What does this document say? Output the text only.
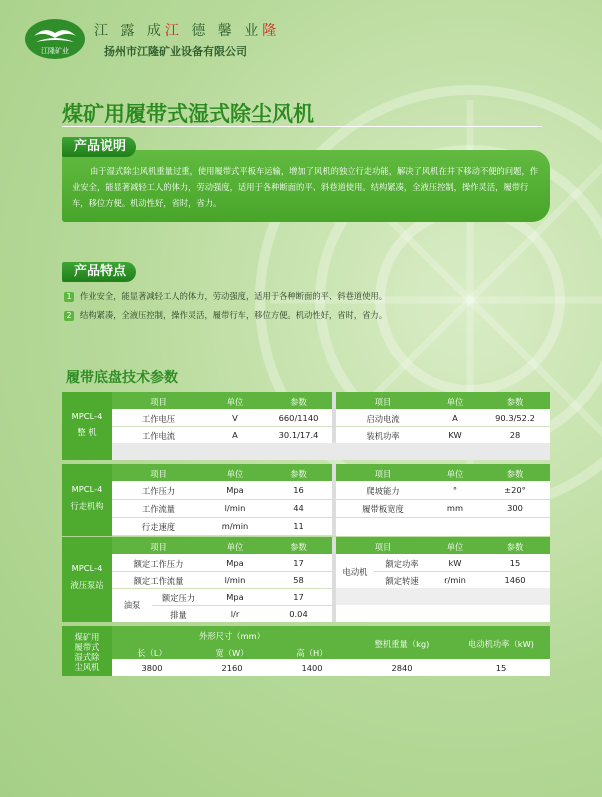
江隆矿业
江 露 成江 德 馨 业隆
扬州市江隆矿业设备有限公司
煤矿用履带式湿式除尘风机
产品说明
由于湿式除尘风机重量过重，使用履带式平板车运输，增加了风机的独立行走功能，解决了风机在井下移动不便的问题，作业安全，能显著减轻工人的体力，劳动强度，适用于各种断面的平、斜巷道使用。结构紧凑，全液压控制，操作灵活，履带行车，移位方便。机动性好，省时，省力。
产品特点
1 作业安全，能显著减轻工人的体力，劳动强度，适用于各种断面的平、斜巷道使用。
2 结构紧凑，全液压控制，操作灵活，履带行车，移位方便。机动性好，省时，省力。
履带底盘技术参数
MPCL-4
整 机
项目	单位	参数
工作电压	V	660/1140
工作电流	A	30.1/17.4
项目	单位	参数
启动电流	A	90.3/52.2
装机功率	KW	28
MPCL-4
行走机构
项目	单位	参数
工作压力	Mpa	16
工作流量	l/min	44
行走速度	m/min	11
项目	单位	参数
爬坡能力	°	±20°
履带板宽度	mm	300
MPCL-4
液压泵站
项目	单位	参数
额定工作压力	Mpa	17
额定工作流量	l/min	58
油泵
额定压力	Mpa	17
排量	l/r	0.04
项目	单位	参数
电动机
额定功率	kW	15
额定转速	r/min	1460
煤矿用
履带式
湿式除
尘风机
外形尺寸（mm）
长（L）	宽（W）	高（H）
整机重量（kg)	电动机功率（kW)
3800	2160	1400	2840	15
